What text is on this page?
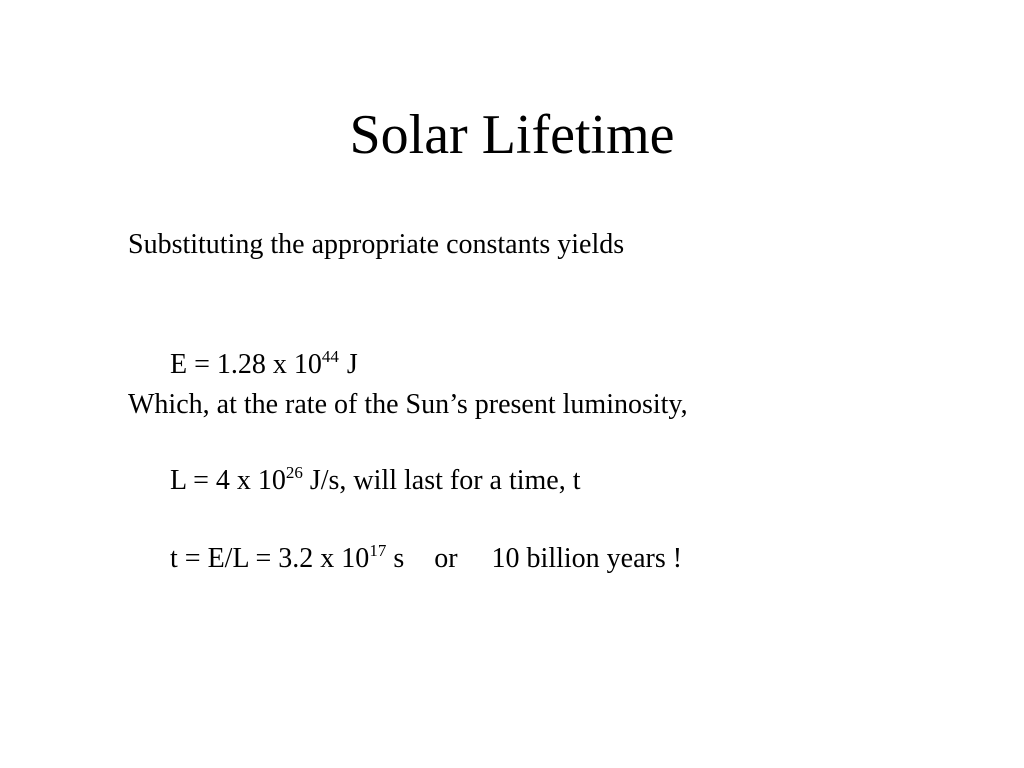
Solar Lifetime
Substituting the appropriate constants yields

E = 1.28 x $10^{44}$ J

Which, at the rate of the Sun’s present luminosity,

L = 4 x $10^{26}$ J/s, will last for a time, t

t = E/L = 3.2 x $10^{17}$ s or 10 billion years !
